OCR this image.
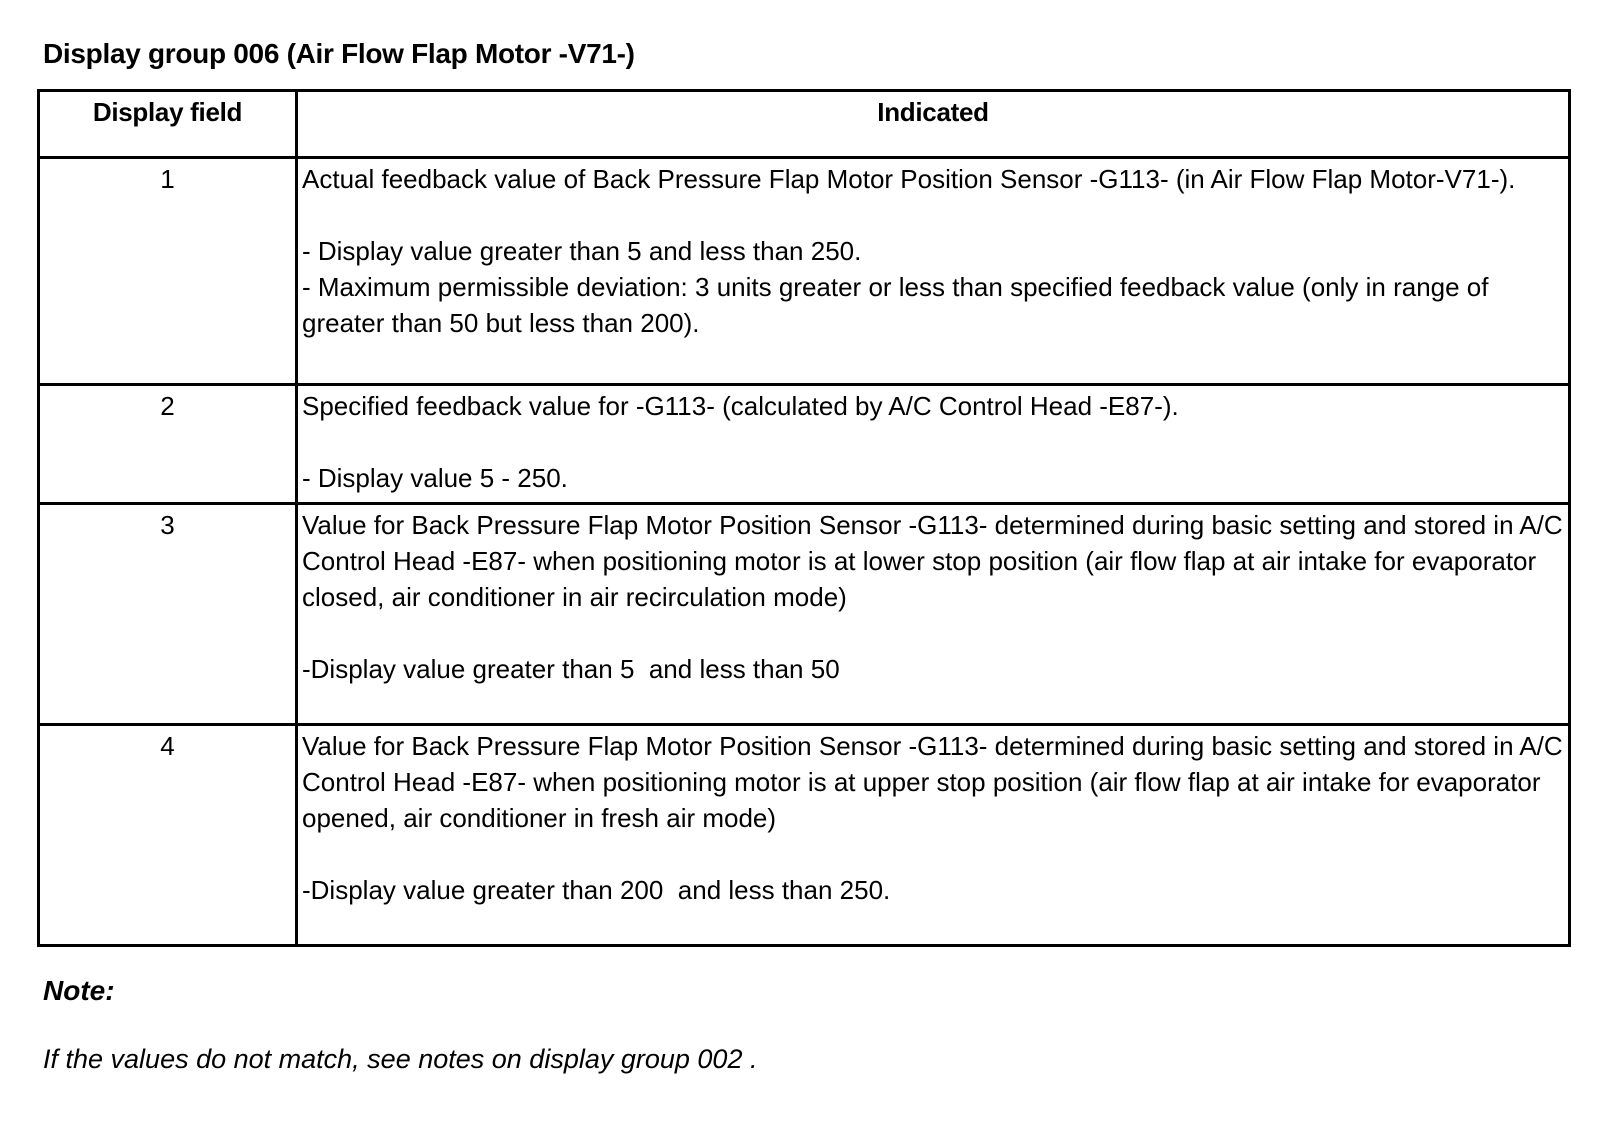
Display group 006 (Air Flow Flap Motor -V71-)
Display field	Indicated
1	Actual feedback value of Back Pressure Flap Motor Position Sensor -G113- (in Air Flow Flap Motor-V71-).

- Display value greater than 5 and less than 250.

- Maximum permissible deviation: 3 units greater or less than specified feedback value (only in range of greater than 50 but less than 200).

2	Specified feedback value for -G113- (calculated by A/C Control Head -E87-).

- Display value 5 - 250.

3	Value for Back Pressure Flap Motor Position Sensor -G113- determined during basic setting and stored in A/C Control Head -E87- when positioning motor is at lower stop position (air flow flap at air intake for evaporator closed, air conditioner in air recirculation mode)

-Display value greater than 5  and less than 50

4	Value for Back Pressure Flap Motor Position Sensor -G113- determined during basic setting and stored in A/C Control Head -E87- when positioning motor is at upper stop position (air flow flap at air intake for evaporator opened, air conditioner in fresh air mode)

-Display value greater than 200  and less than 250.

Note:
If the values do not match, see notes on display group 002 .
